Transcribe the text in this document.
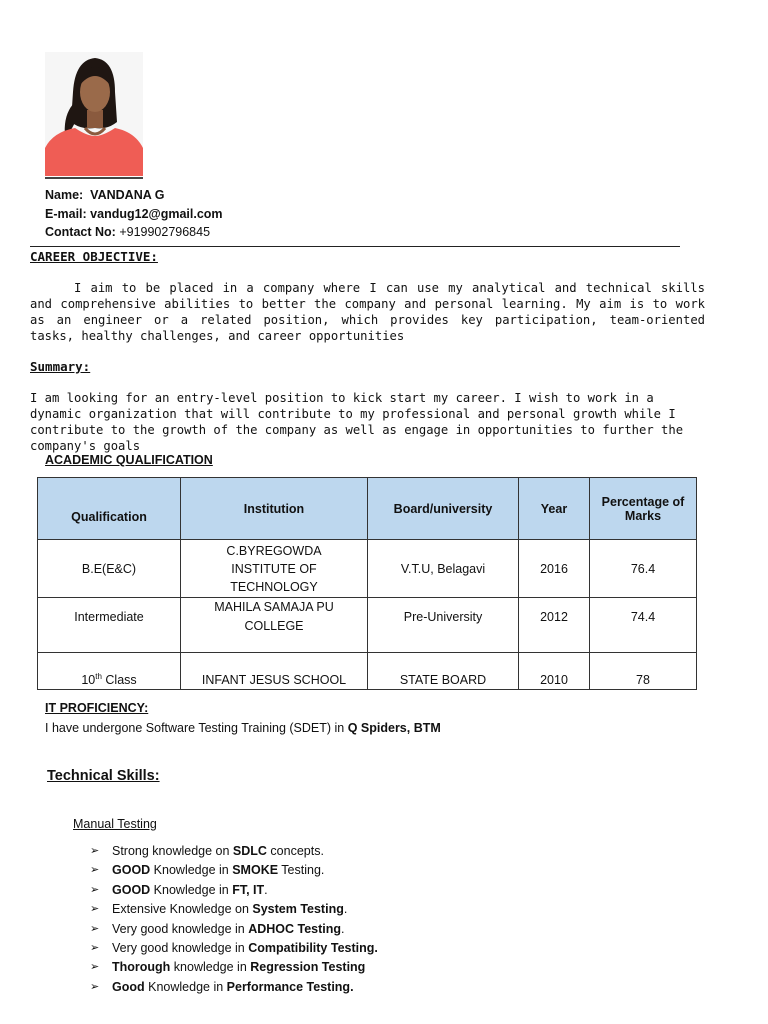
Name: VANDANA G
E-mail: vandug12@gmail.com
Contact No: +919902796845
CAREER OBJECTIVE:

I aim to be placed in a company where I can use my analytical and technical skills and comprehensive abilities to better the company and personal learning. My aim is to work as an engineer or a related position, which provides key participation, team-oriented tasks, healthy challenges, and career opportunities

Summary:

I am looking for an entry-level position to kick start my career. I wish to work in a dynamic organization that will contribute to my professional and personal growth while I contribute to the growth of the company as well as engage in opportunities to further the company's goals

ACADEMIC QUALIFICATION
Qualification	Institution	Board/university	Year	Percentage of Marks
B.E(E&C)	C.BYREGOWDA INSTITUTE OF TECHNOLOGY	V.T.U, Belagavi	2016	76.4
Intermediate	MAHILA SAMAJA PU COLLEGE	Pre-University	2012	74.4
10th Class	INFANT JESUS SCHOOL	STATE BOARD	2010	78
IT PROFICIENCY:
I have undergone Software Testing Training (SDET) in Q Spiders, BTM
Technical Skills:
Manual Testing
➢ Strong knowledge on SDLC concepts.
➢ GOOD Knowledge in SMOKE Testing.
➢ GOOD Knowledge in FT, IT.
➢ Extensive Knowledge on System Testing.
➢ Very good knowledge in ADHOC Testing.
➢ Very good knowledge in Compatibility Testing.
➢ Thorough knowledge in Regression Testing
➢ Good Knowledge in Performance Testing.
